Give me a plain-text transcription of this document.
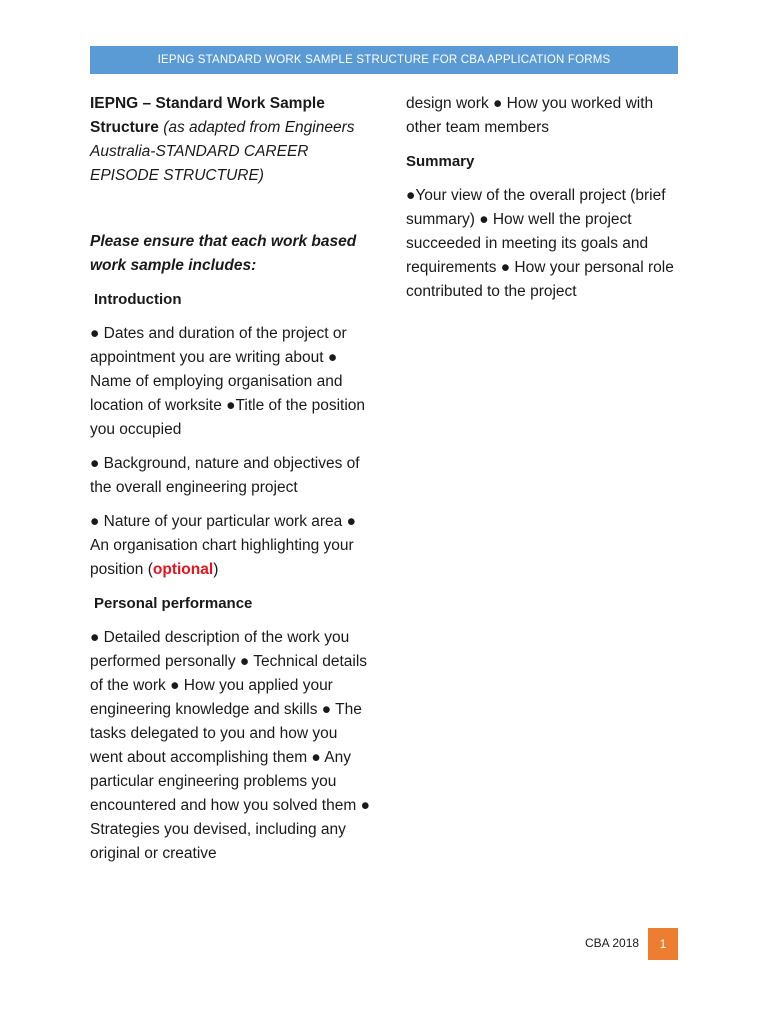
IEPNG STANDARD WORK SAMPLE STRUCTURE FOR CBA APPLICATION FORMS

IEPNG – Standard Work Sample Structure (as adapted from Engineers Australia-STANDARD CAREER EPISODE STRUCTURE)

Please ensure that each work based work sample includes:

Introduction

● Dates and duration of the project or appointment you are writing about ● Name of employing organisation and location of worksite ●Title of the position you occupied

● Background, nature and objectives of the overall engineering project

● Nature of your particular work area ● An organisation chart highlighting your position (optional)

Personal performance

● Detailed description of the work you performed personally ● Technical details of the work ● How you applied your engineering knowledge and skills ● The tasks delegated to you and how you went about accomplishing them ● Any particular engineering problems you encountered and how you solved them ● Strategies you devised, including any original or creative

design work ● How you worked with other team members

Summary

●Your view of the overall project (brief summary) ● How well the project succeeded in meeting its goals and requirements ● How your personal role contributed to the project

CBA 2018	1
